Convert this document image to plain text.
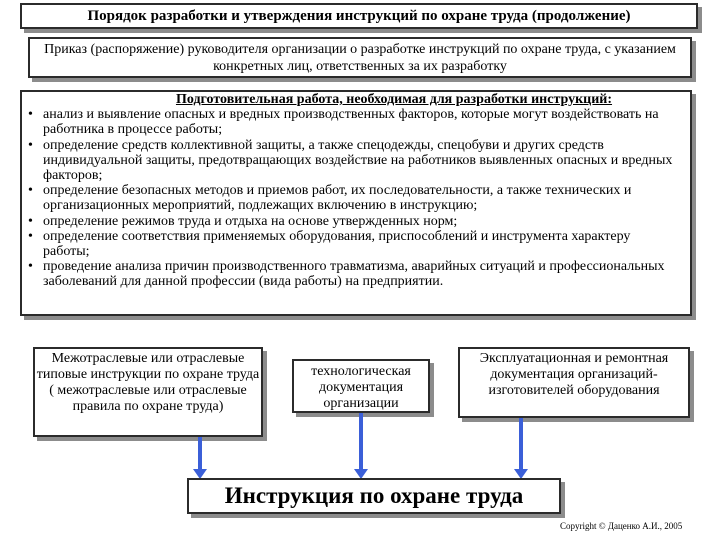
Порядок разработки и утверждения инструкций по охране труда (продолжение)
Приказ (распоряжение) руководителя организации о разработке инструкций по охране труда, с указанием конкретных лиц, ответственных за их разработку
Подготовительная работа, необходимая для разработки инструкций:
• анализ и выявление опасных и вредных производственных факторов, которые могут воздействовать на работника в процессе работы;
• определение средств коллективной защиты, а также спецодежды, спецобуви и других средств индивидуальной защиты, предотвращающих воздействие на работников выявленных опасных и вредных факторов;
• определение безопасных методов и приемов работ, их последовательности, а также технических и организационных мероприятий, подлежащих включению в инструкцию;
• определение режимов труда и отдыха на основе утвержденных норм;
• определение соответствия применяемых оборудования, приспособлений и инструмента характеру работы;
• проведение анализа причин производственного травматизма, аварийных ситуаций и профессиональных заболеваний для данной профессии (вида работы) на предприятии.
Межотраслевые или отраслевые типовые инструкции по охране труда ( межотраслевые или отраслевые правила по охране труда)
технологическая документация организации
Эксплуатационная и ремонтная документация организаций-изготовителей оборудования
Инструкция по охране труда
Copyright © Даценко А.И., 2005
